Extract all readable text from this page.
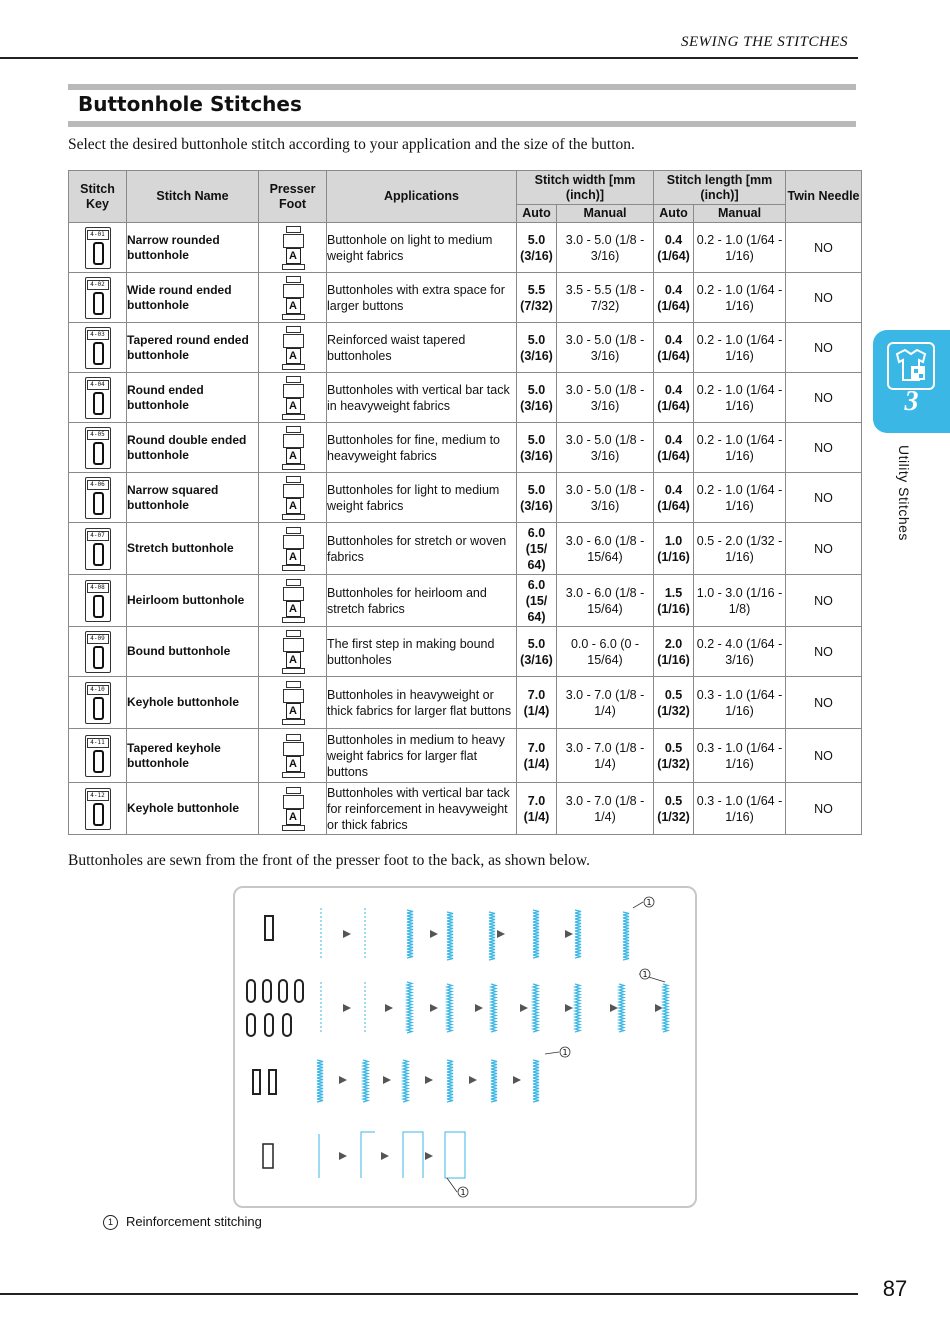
SEWING THE STITCHES
Buttonhole Stitches
Select the desired buttonhole stitch according to your application and the size of the button.
Stitch Key	Stitch Name	Presser Foot	Applications	Stitch width [mm (inch)]		Stitch length [mm (inch)]		Twin Needle
				Auto	Manual	Auto	Manual	

4-01	Narrow rounded buttonhole	A	Buttonhole on light to medium weight fabrics	5.0 (3/16)	3.0 - 5.0 (1/8 - 3/16)	0.4 (1/64)	0.2 - 1.0 (1/64 - 1/16)	NO

4-02	Wide round ended buttonhole	A	Buttonholes with extra space for larger buttons	5.5 (7/32)	3.5 - 5.5 (1/8 - 7/32)	0.4 (1/64)	0.2 - 1.0 (1/64 - 1/16)	NO

4-03	Tapered round ended buttonhole	A	Reinforced waist tapered buttonholes	5.0 (3/16)	3.0 - 5.0 (1/8 - 3/16)	0.4 (1/64)	0.2 - 1.0 (1/64 - 1/16)	NO

4-04	Round ended buttonhole	A	Buttonholes with vertical bar tack in heavyweight fabrics	5.0 (3/16)	3.0 - 5.0 (1/8 - 3/16)	0.4 (1/64)	0.2 - 1.0 (1/64 - 1/16)	NO

4-05	Round double ended buttonhole	A	Buttonholes for fine, medium to heavyweight fabrics	5.0 (3/16)	3.0 - 5.0 (1/8 - 3/16)	0.4 (1/64)	0.2 - 1.0 (1/64 - 1/16)	NO

4-06	Narrow squared buttonhole	A	Buttonholes for light to medium weight fabrics	5.0 (3/16)	3.0 - 5.0 (1/8 - 3/16)	0.4 (1/64)	0.2 - 1.0 (1/64 - 1/16)	NO

4-07	Stretch buttonhole	A	Buttonholes for stretch or woven fabrics	6.0 (15/ 64)	3.0 - 6.0 (1/8 - 15/64)	1.0 (1/16)	0.5 - 2.0 (1/32 - 1/16)	NO

4-08	Heirloom buttonhole	A	Buttonholes for heirloom and stretch fabrics	6.0 (15/ 64)	3.0 - 6.0 (1/8 - 15/64)	1.5 (1/16)	1.0 - 3.0 (1/16 - 1/8)	NO

4-09	Bound buttonhole	A	The first step in making bound buttonholes	5.0 (3/16)	0.0 - 6.0 (0 - 15/64)	2.0 (1/16)	0.2 - 4.0 (1/64 - 3/16)	NO

4-10	Keyhole buttonhole	A	Buttonholes in heavyweight or thick fabrics for larger flat buttons	7.0 (1/4)	3.0 - 7.0 (1/8 - 1/4)	0.5 (1/32)	0.3 - 1.0 (1/64 - 1/16)	NO

4-11	Tapered keyhole buttonhole	A	Buttonholes in medium to heavy weight fabrics for larger flat buttons	7.0 (1/4)	3.0 - 7.0 (1/8 - 1/4)	0.5 (1/32)	0.3 - 1.0 (1/64 - 1/16)	NO

4-12	Keyhole buttonhole	A	Buttonholes with vertical bar tack for reinforcement in heavyweight or thick fabrics	7.0 (1/4)	3.0 - 7.0 (1/8 - 1/4)	0.5 (1/32)	0.3 - 1.0 (1/64 - 1/16)	NO
Buttonholes are sewn from the front of the presser foot to the back, as shown below.
1
1
1
1
1 Reinforcement stitching
3
Utility Stitches
87
